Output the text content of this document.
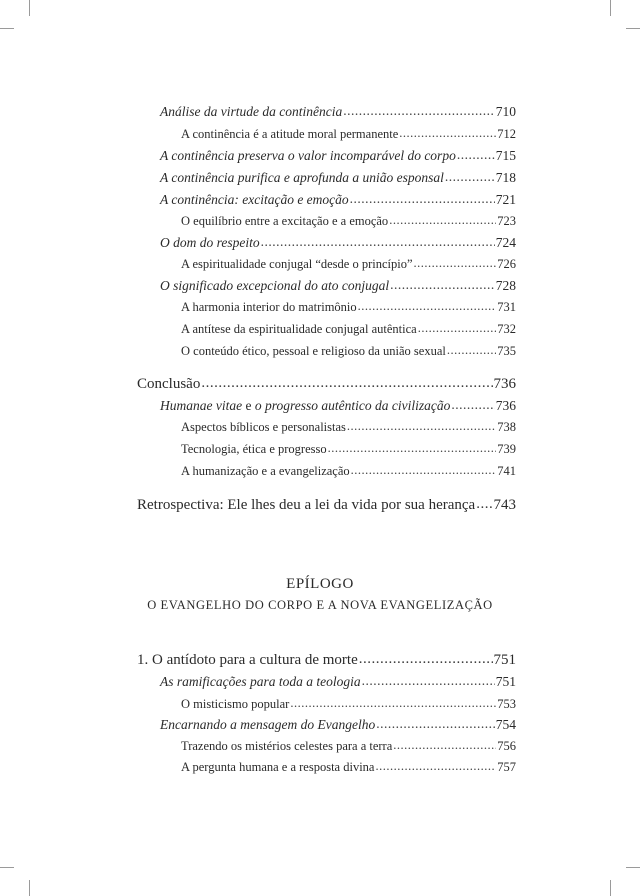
Análise da virtude da continência .....	710
A continência é a atitude moral permanente .....	712
A continência preserva o valor incomparável do corpo .....	715
A continência purifica e aprofunda a união esponsal .....	718
A continência: excitação e emoção .....	721
O equilíbrio entre a excitação e a emoção .....	723
O dom do respeito .....	724
A espiritualidade conjugal “desde o princípio” .....	726
O significado excepcional do ato conjugal .....	728
A harmonia interior do matrimônio .....	731
A antítese da espiritualidade conjugal autêntica .....	732
O conteúdo ético, pessoal e religioso da união sexual .....	735
Conclusão .....	736
Humanae vitae e o progresso autêntico da civilização .....	736
Aspectos bíblicos e personalistas .....	738
Tecnologia, ética e progresso .....	739
A humanização e a evangelização .....	741
Retrospectiva: Ele lhes deu a lei da vida por sua herança ..... 743
EPÍLOGO
O EVANGELHO DO CORPO E A NOVA EVANGELIZAÇÃO
1. O antídoto para a cultura de morte .....	751
As ramificações para toda a teologia .....	751
O misticismo popular .....	753
Encarnando a mensagem do Evangelho .....	754
Trazendo os mistérios celestes para a terra .....	756
A pergunta humana e a resposta divina .....	757
